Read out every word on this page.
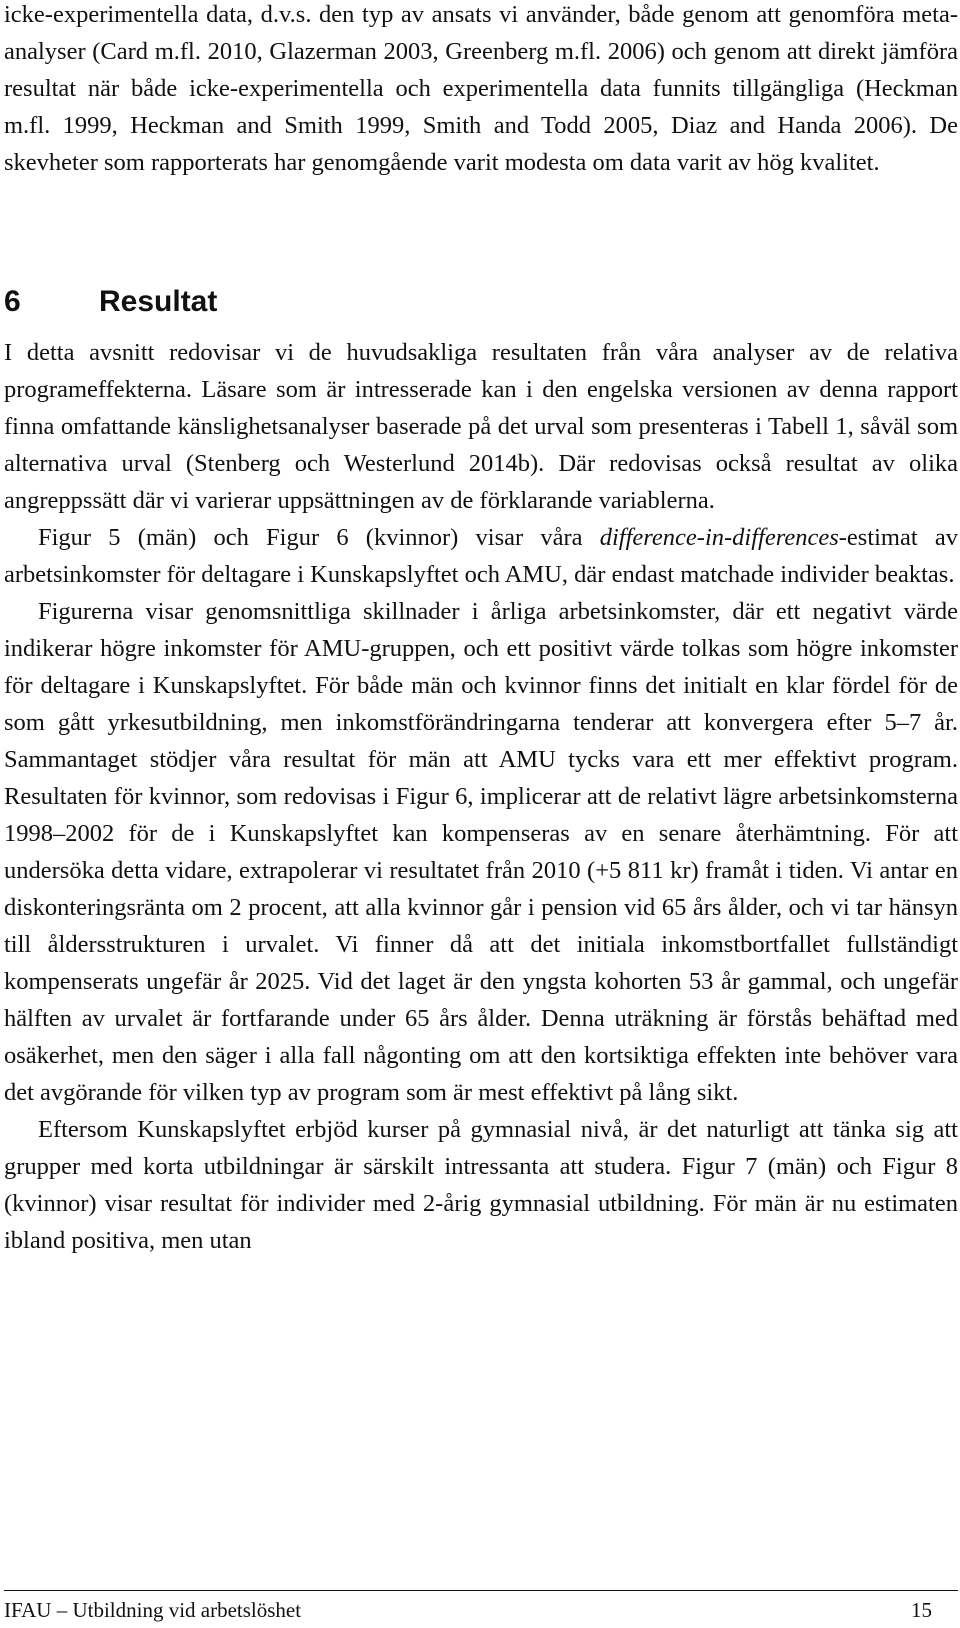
icke-experimentella data, d.v.s. den typ av ansats vi använder, både genom att genomföra meta-analyser (Card m.fl. 2010, Glazerman 2003, Greenberg m.fl. 2006) och genom att direkt jämföra resultat när både icke-experimentella och experimentella data funnits tillgängliga (Heckman m.fl. 1999, Heckman and Smith 1999, Smith and Todd 2005, Diaz and Handa 2006). De skevheter som rapporterats har genomgående varit modesta om data varit av hög kvalitet.

6	Resultat

I detta avsnitt redovisar vi de huvudsakliga resultaten från våra analyser av de relativa programeffekterna. Läsare som är intresserade kan i den engelska versionen av denna rapport finna omfattande känslighetsanalyser baserade på det urval som presenteras i Tabell 1, såväl som alternativa urval (Stenberg och Westerlund 2014b). Där redovisas också resultat av olika angreppssätt där vi varierar uppsättningen av de förklarande variablerna.

Figur 5 (män) och Figur 6 (kvinnor) visar våra difference-in-differences-estimat av arbetsinkomster för deltagare i Kunskapslyftet och AMU, där endast matchade individer beaktas.

Figurerna visar genomsnittliga skillnader i årliga arbetsinkomster, där ett negativt värde indikerar högre inkomster för AMU-gruppen, och ett positivt värde tolkas som högre inkomster för deltagare i Kunskapslyftet. För både män och kvinnor finns det initialt en klar fördel för de som gått yrkesutbildning, men inkomstförändringarna tenderar att konvergera efter 5–7 år. Sammantaget stödjer våra resultat för män att AMU tycks vara ett mer effektivt program. Resultaten för kvinnor, som redovisas i Figur 6, implicerar att de relativt lägre arbetsinkomsterna 1998–2002 för de i Kunskapslyftet kan kompenseras av en senare återhämtning. För att undersöka detta vidare, extrapolerar vi resultatet från 2010 (+5 811 kr) framåt i tiden. Vi antar en diskonteringsränta om 2 procent, att alla kvinnor går i pension vid 65 års ålder, och vi tar hänsyn till åldersstrukturen i urvalet. Vi finner då att det initiala inkomstbortfallet fullständigt kompenserats ungefär år 2025. Vid det laget är den yngsta kohorten 53 år gammal, och ungefär hälften av urvalet är fortfarande under 65 års ålder. Denna uträkning är förstås behäftad med osäkerhet, men den säger i alla fall någonting om att den kortsiktiga effekten inte behöver vara det avgörande för vilken typ av program som är mest effektivt på lång sikt.

Eftersom Kunskapslyftet erbjöd kurser på gymnasial nivå, är det naturligt att tänka sig att grupper med korta utbildningar är särskilt intressanta att studera. Figur 7 (män) och Figur 8 (kvinnor) visar resultat för individer med 2-årig gymnasial utbildning. För män är nu estimaten ibland positiva, men utan

IFAU – Utbildning vid arbetslöshet	15
